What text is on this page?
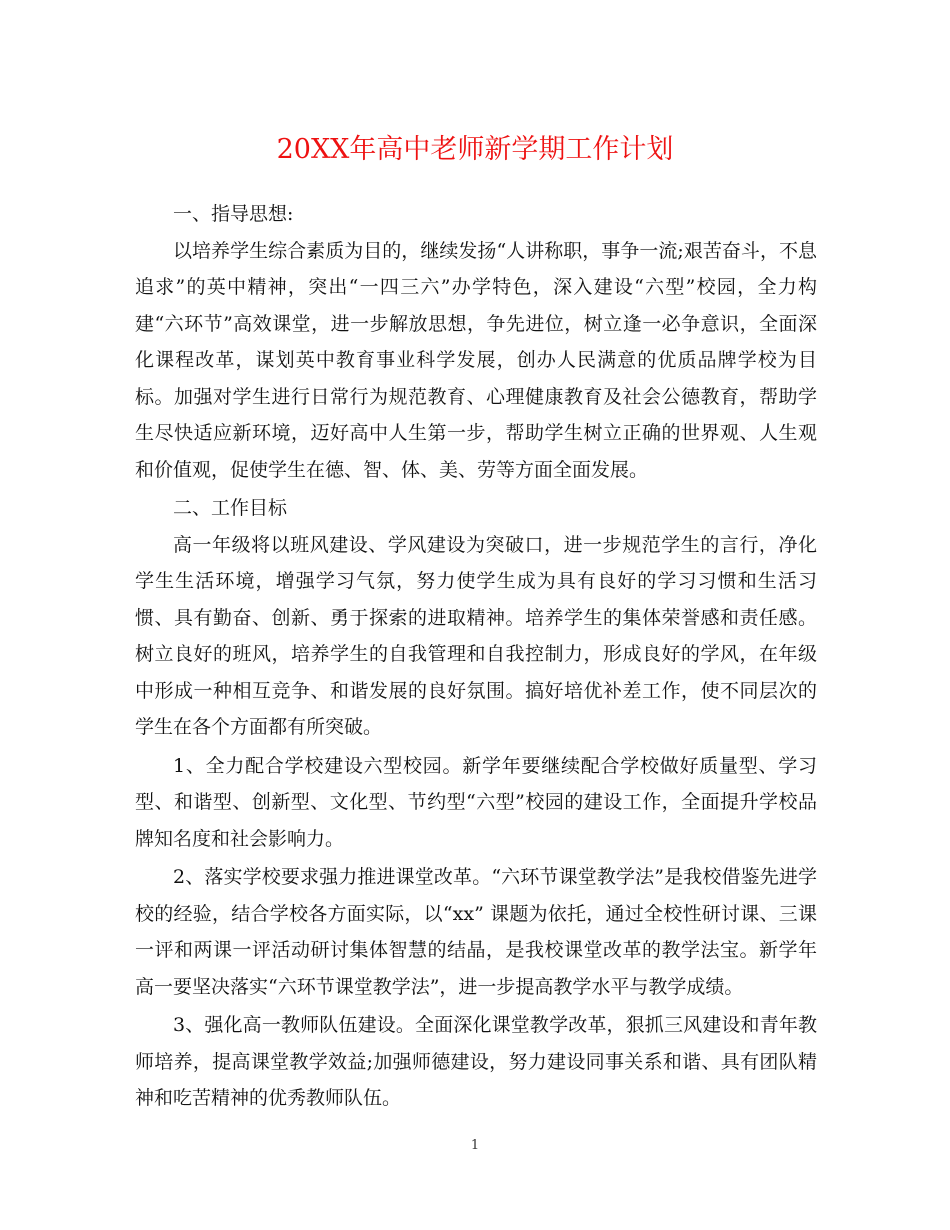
20XX年高中老师新学期工作计划

一、指导思想:

以培养学生综合素质为目的，继续发扬“人讲称职，事争一流;艰苦奋斗，不息追求”的英中精神，突出“一四三六”办学特色，深入建设“六型”校园，全力构建“六环节”高效课堂，进一步解放思想，争先进位，树立逢一必争意识，全面深化课程改革，谋划英中教育事业科学发展，创办人民满意的优质品牌学校为目标。加强对学生进行日常行为规范教育、心理健康教育及社会公德教育，帮助学生尽快适应新环境，迈好高中人生第一步，帮助学生树立正确的世界观、人生观和价值观，促使学生在德、智、体、美、劳等方面全面发展。

二、工作目标

高一年级将以班风建设、学风建设为突破口，进一步规范学生的言行，净化学生生活环境，增强学习气氛，努力使学生成为具有良好的学习习惯和生活习惯、具有勤奋、创新、勇于探索的进取精神。培养学生的集体荣誉感和责任感。树立良好的班风，培养学生的自我管理和自我控制力，形成良好的学风，在年级中形成一种相互竞争、和谐发展的良好氛围。搞好培优补差工作，使不同层次的学生在各个方面都有所突破。

1、全力配合学校建设六型校园。新学年要继续配合学校做好质量型、学习型、和谐型、创新型、文化型、节约型“六型”校园的建设工作，全面提升学校品牌知名度和社会影响力。

2、落实学校要求强力推进课堂改革。“六环节课堂教学法”是我校借鉴先进学校的经验，结合学校各方面实际，以“xx” 课题为依托，通过全校性研讨课、三课一评和两课一评活动研讨集体智慧的结晶，是我校课堂改革的教学法宝。新学年高一要坚决落实“六环节课堂教学法”，进一步提高教学水平与教学成绩。

3、强化高一教师队伍建设。全面深化课堂教学改革，狠抓三风建设和青年教师培养，提高课堂教学效益;加强师德建设，努力建设同事关系和谐、具有团队精神和吃苦精神的优秀教师队伍。

1
